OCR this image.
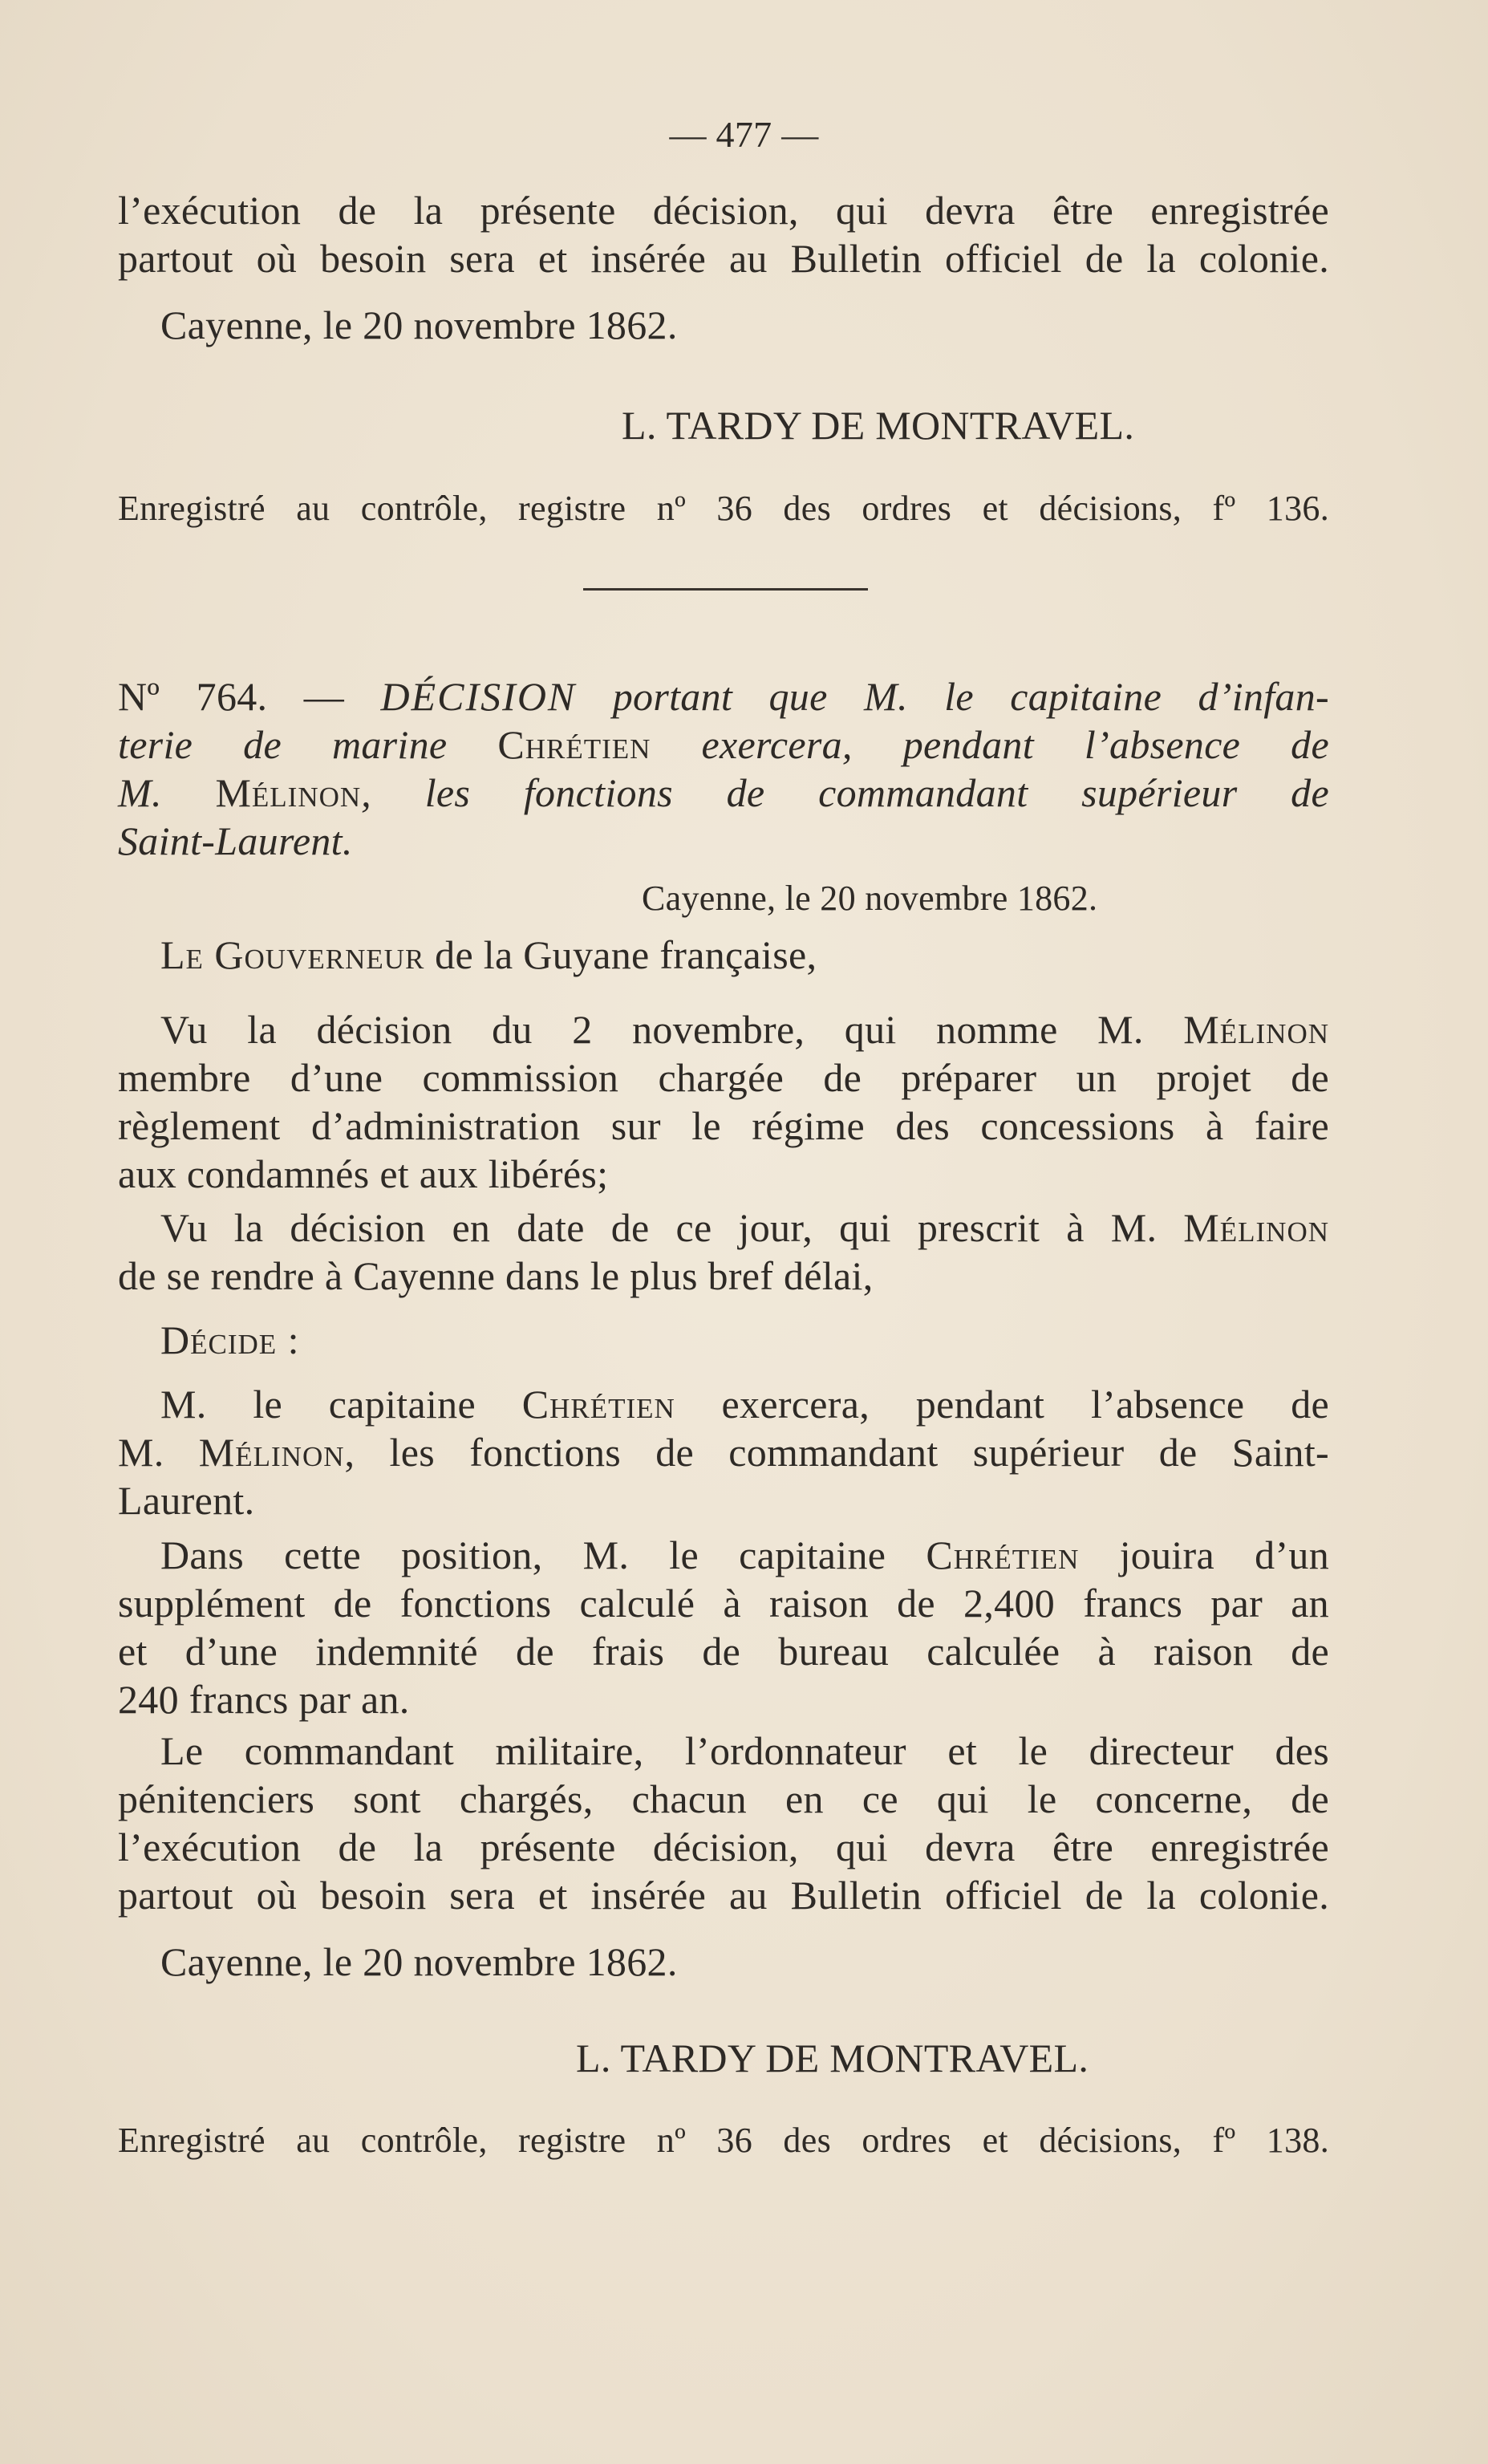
— 477 —
l’exécution de la présente décision, qui devra être enregistrée
partout où besoin sera et insérée au Bulletin officiel de la colonie.
Cayenne, le 20 novembre 1862.
L. TARDY DE MONTRAVEL.
Enregistré au contrôle, registre nº 36 des ordres et décisions, fº 136.
Nº 764. — DÉCISION portant que M. le capitaine d’infan-
terie de marine Chrétien exercera, pendant l’absence de
M. Mélinon, les fonctions de commandant supérieur de
Saint-Laurent.
Cayenne, le 20 novembre 1862.
Le Gouverneur de la Guyane française,
Vu la décision du 2 novembre, qui nomme M. Mélinon
membre d’une commission chargée de préparer un projet de
règlement d’administration sur le régime des concessions à faire
aux condamnés et aux libérés;
Vu la décision en date de ce jour, qui prescrit à M. Mélinon
de se rendre à Cayenne dans le plus bref délai,
Décide :
M. le capitaine Chrétien exercera, pendant l’absence de
M. Mélinon, les fonctions de commandant supérieur de Saint-
Laurent.
Dans cette position, M. le capitaine Chrétien jouira d’un
supplément de fonctions calculé à raison de 2,400 francs par an
et d’une indemnité de frais de bureau calculée à raison de
240 francs par an.
Le commandant militaire, l’ordonnateur et le directeur des
pénitenciers sont chargés, chacun en ce qui le concerne, de
l’exécution de la présente décision, qui devra être enregistrée
partout où besoin sera et insérée au Bulletin officiel de la colonie.
Cayenne, le 20 novembre 1862.
L. TARDY DE MONTRAVEL.
Enregistré au contrôle, registre nº 36 des ordres et décisions, fº 138.
